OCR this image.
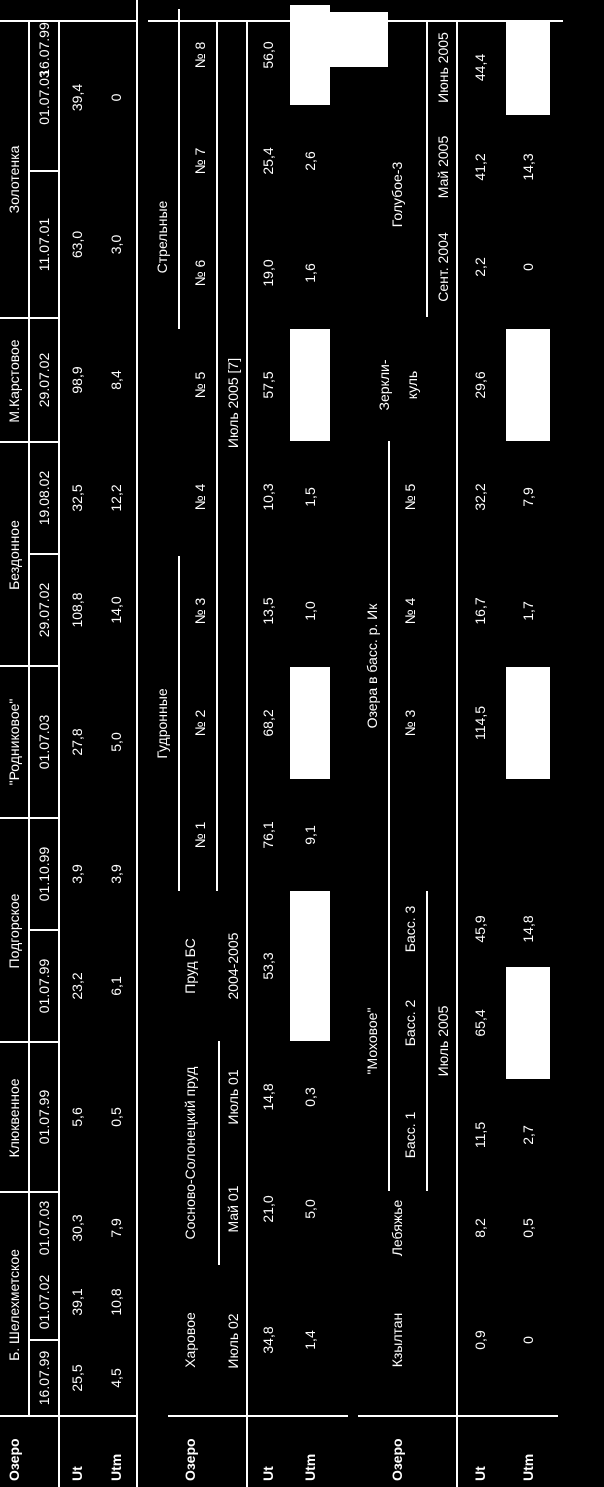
Озеро
Б. Шелехметское
Клюквенное
Подгорское
"Родниковое"
Бездонное
М.Карстовое
Золотенка
16.07.99
16.07.99
01.07.02
01.07.03
01.07.99
01.07.99
01.10.99
01.07.03
29.07.02
19.08.02
29.07.02
11.07.01
01.07.03
Ut
25,5
39,1
30,3
5,6
23,2
3,9
27,8
108,8
32,5
98,9
63,0
39,4
Utm
4,5
10,8
7,9
0,5
6,1
3,9
5,0
14,0
12,2
8,4
3,0
0
Озеро
Харовое
Сосново-Солонецкий пруд
Пруд БС
Гудронные
Стрельные
№ 1
№ 2
№ 3
№ 4
№ 5
№ 6
№ 7
№ 8
Июль 02
Май 01
Июль 01
2004-2005
Июль 2005 [7]
Ut
34,8
21,0
14,8
53,3
76,1
68,2
13,5
10,3
57,5
19,0
25,4
56,0
Utm
1,4
5,0
0,3
9,1
1,0
1,5
1,6
2,6
Озеро
Кзылтан
Лебяжье
"Моховое"
Озера в басс. р. Ик
Голубое-3
Басс. 1
Басс. 2
Басс. 3
№ 3
№ 4
№ 5
Зеркли- куль
Июль 2005
Сент. 2004
Май 2005
Июнь 2005
Ut
0,9
8,2
11,5
65,4
45,9
114,5
16,7
32,2
29,6
2,2
41,2
44,4
Utm
0
0,5
2,7
14,8
1,7
7,9
0
14,3
